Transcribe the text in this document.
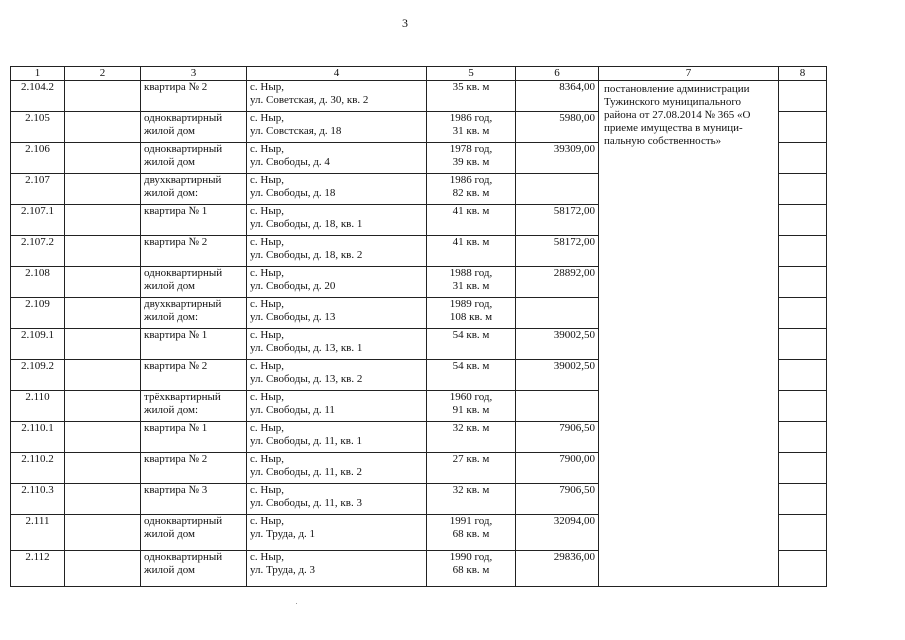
3
1	2	3	4	5	6	7	8
2.104.2		квартира № 2	с. Ныр,
ул. Советская, д. 30, кв. 2	35 кв. м	8364,00	постановление администрации
Тужинского муниципального
района от 27.08.2014 № 365 «О
приеме имущества в муници-
пальную собственность»	

2.105		одноквартирный
жилой дом	с. Ныр,
ул. Совстская, д. 18	1986 год,
31 кв. м	5980,00		
2.106		одноквартирный
жилой дом	с. Ныр,
ул. Свободы, д. 4	1978 год,
39 кв. м	39309,00		
2.107		двухквартирный
жилой дом:	с. Ныр,
ул. Свободы, д. 18	1986 год,
82 кв. м			

2.107.1		квартира № 1	с. Ныр,
ул. Свободы, д. 18, кв. 1	41 кв. м	58172,00		
2.107.2		квартира № 2	с. Ныр,
ул. Свободы, д. 18, кв. 2	41 кв. м	58172,00		
2.108		одноквартирный
жилой дом	с. Ныр,
ул. Свободы, д. 20	1988 год,
31 кв. м	28892,00		
2.109		двухквартирный
жилой дом:	с. Ныр,
ул. Свободы, д. 13	1989 год,
108 кв. м			

2.109.1		квартира № 1	с. Ныр,
ул. Свободы, д. 13, кв. 1	54 кв. м	39002,50		
2.109.2		квартира № 2	с. Ныр,
ул. Свободы, д. 13, кв. 2	54 кв. м	39002,50		
2.110		трёхквартирный
жилой дом:	с. Ныр,
ул. Свободы, д. 11	1960 год,
91 кв. м			

2.110.1		квартира № 1	с. Ныр,
ул. Свободы, д. 11, кв. 1	32 кв. м	7906,50		
2.110.2		квартира № 2	с. Ныр,
ул. Свободы, д. 11, кв. 2	27 кв. м	7900,00		
2.110.3		квартира № 3	с. Ныр,
ул. Свободы, д. 11, кв. 3	32 кв. м	7906,50		
2.111		одноквартирный
жилой дом	с. Ныр,
ул. Труда, д. 1	1991 год,
68 кв. м	32094,00		
2.112		одноквартирный
жилой дом	с. Ныр,
ул. Труда, д. 3	1990 год,
68 кв. м	29836,00		
